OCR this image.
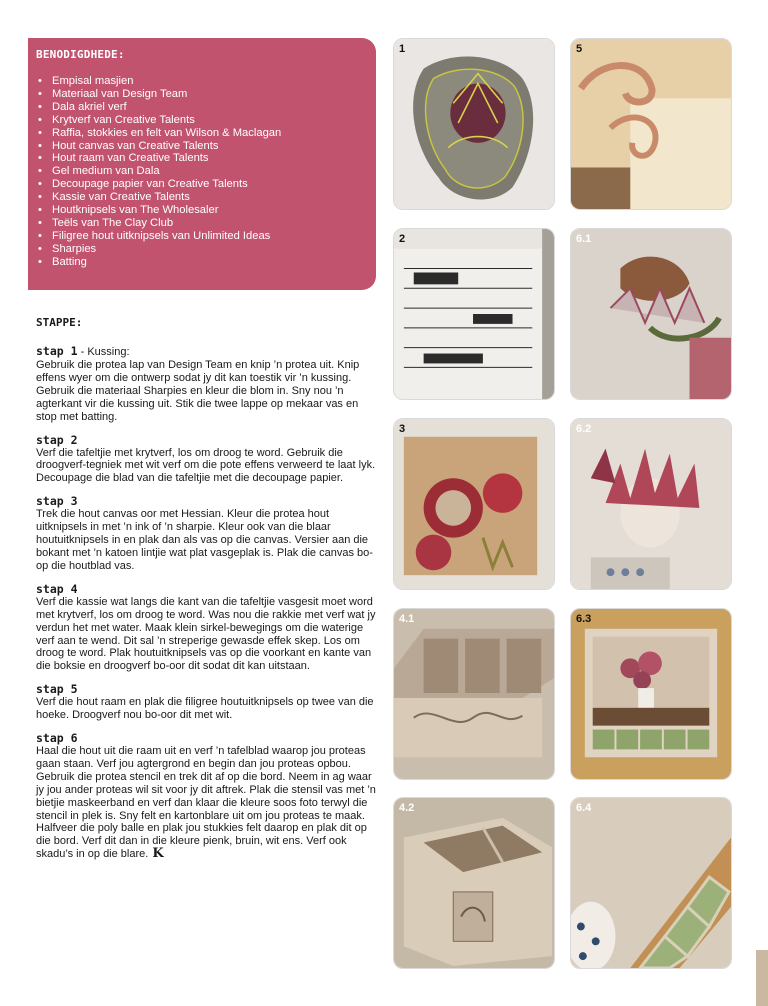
BENODIGDHEDE:
• Empisal masjien
• Materiaal van Design Team
• Dala akriel verf
• Krytverf van Creative Talents
• Raffia, stokkies en felt van Wilson & Maclagan
• Hout canvas van Creative Talents
• Hout raam van Creative Talents
• Gel medium van Dala
• Decoupage papier van Creative Talents
• Kassie van Creative Talents
• Houtknipsels van The Wholesaler
• Teëls van The Clay Club
• Filigree hout uitknipsels van Unlimited Ideas
• Sharpies
• Batting
STAPPE:
stap 1 - Kussing:
Gebruik die protea lap van Design Team en knip ’n protea uit. Knip effens wyer om die ontwerp sodat jy dit kan toestik vir ’n kussing. Gebruik die materiaal Sharpies en kleur die blom in. Sny nou ’n agterkant vir die kussing uit. Stik die twee lappe op mekaar vas en stop met batting.
stap 2
Verf die tafeltjie met krytverf, los om droog te word. Gebruik die droogverf-tegniek met wit verf om die pote effens verweerd te laat lyk. Decoupage die blad van die tafeltjie met die decoupage papier.
stap 3
Trek die hout canvas oor met Hessian. Kleur die protea hout uitknipsels in met ’n ink of ’n sharpie. Kleur ook van die blaar houtuitknipsels in en plak dan als vas op die canvas. Versier aan die bokant met ’n katoen lintjie wat plat vasgeplak is. Plak die canvas bo-op die houtblad vas.
stap 4
Verf die kassie wat langs die kant van die tafeltjie vasgesit moet word met krytverf, los om droog te word. Was nou die rakkie met verf wat jy verdun het met water. Maak klein sirkel-bewegings om die waterige verf aan te wend. Dit sal ’n streperige gewasde effek skep. Los om droog te word. Plak houtuitknipsels vas op die voorkant en kante van die boksie en droogverf bo-oor dit sodat dit kan uitstaan.
stap 5
Verf die hout raam en plak die filigree houtuitknipsels op twee van die hoeke. Droogverf nou bo-oor dit met wit.
stap 6
Haal die hout uit die raam uit en verf ’n tafelblad waarop jou proteas gaan staan. Verf jou agtergrond en begin dan jou proteas opbou. Gebruik die protea stencil en trek dit af op die bord. Neem in ag waar jy jou ander proteas wil sit voor jy dit aftrek. Plak die stensil vas met ’n bietjie maskeerband en verf dan klaar die kleure soos foto terwyl die stencil in plek is. Sny felt en kartonblare uit om jou proteas te maak. Halfveer die poly balle en plak jou stukkies felt daarop en plak dit op die bord. Verf dit dan in die kleure pienk, bruin, wit ens. Verf ook skadu’s in op die blare. K
1
2
3
4.1
4.2
5
6.1
6.2
6.3
6.4
